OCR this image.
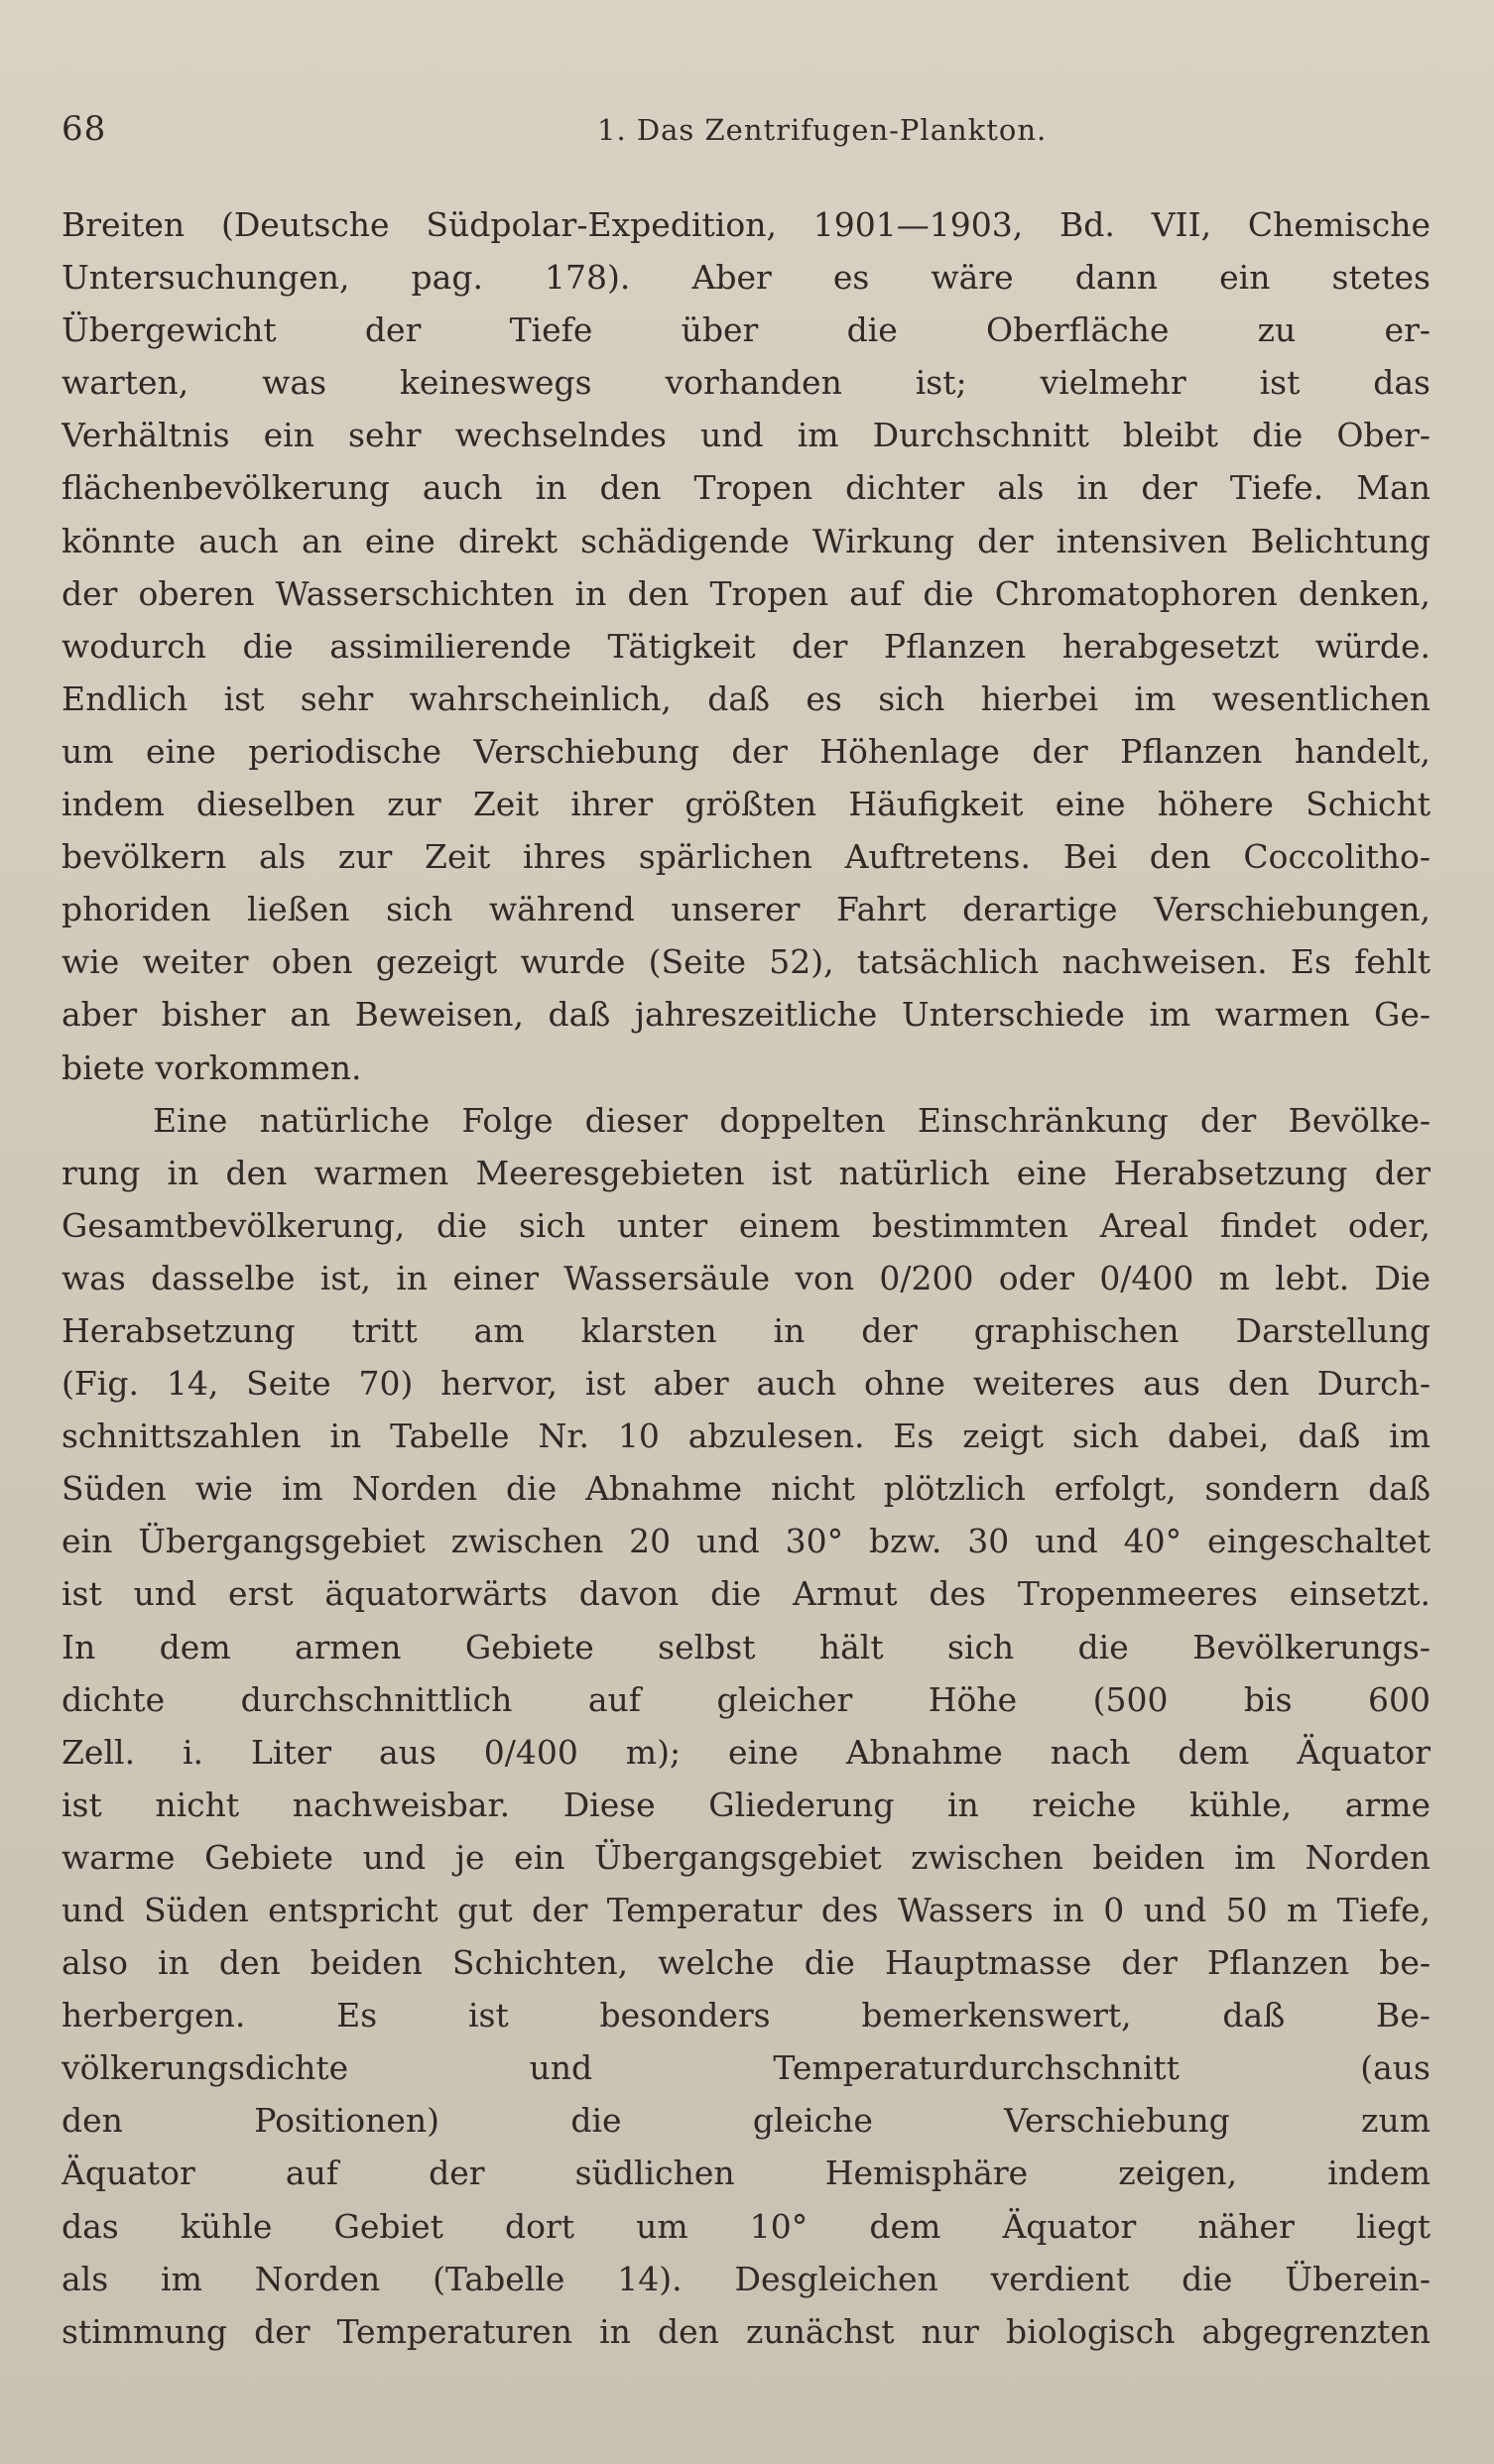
68	1. Das Zentrifugen-Plankton.
Breiten (Deutsche Südpolar-Expedition, 1901—1903, Bd. VII, Chemische
Untersuchungen, pag. 178). Aber es wäre dann ein stetes
Übergewicht der Tiefe über die Oberfläche zu er-
warten, was keineswegs vorhanden ist; vielmehr ist das
Verhältnis ein sehr wechselndes und im Durchschnitt bleibt die Ober-
flächenbevölkerung auch in den Tropen dichter als in der Tiefe. Man
könnte auch an eine direkt schädigende Wirkung der intensiven Belichtung
der oberen Wasserschichten in den Tropen auf die Chromatophoren denken,
wodurch die assimilierende Tätigkeit der Pflanzen herabgesetzt würde.
Endlich ist sehr wahrscheinlich, daß es sich hierbei im wesentlichen
um eine periodische Verschiebung der Höhenlage der Pflanzen handelt,
indem dieselben zur Zeit ihrer größten Häufigkeit eine höhere Schicht
bevölkern als zur Zeit ihres spärlichen Auftretens. Bei den Coccolitho-
phoriden ließen sich während unserer Fahrt derartige Verschiebungen,
wie weiter oben gezeigt wurde (Seite 52), tatsächlich nachweisen. Es fehlt
aber bisher an Beweisen, daß jahreszeitliche Unterschiede im warmen Ge-
biete vorkommen.
Eine natürliche Folge dieser doppelten Einschränkung der Bevölke-
rung in den warmen Meeresgebieten ist natürlich eine Herabsetzung der
Gesamtbevölkerung, die sich unter einem bestimmten Areal findet oder,
was dasselbe ist, in einer Wassersäule von 0/200 oder 0/400 m lebt. Die
Herabsetzung tritt am klarsten in der graphischen Darstellung
(Fig. 14, Seite 70) hervor, ist aber auch ohne weiteres aus den Durch-
schnittszahlen in Tabelle Nr. 10 abzulesen. Es zeigt sich dabei, daß im
Süden wie im Norden die Abnahme nicht plötzlich erfolgt, sondern daß
ein Übergangsgebiet zwischen 20 und 30° bzw. 30 und 40° eingeschaltet
ist und erst äquatorwärts davon die Armut des Tropenmeeres einsetzt.
In dem armen Gebiete selbst hält sich die Bevölkerungs-
dichte durchschnittlich auf gleicher Höhe (500 bis 600
Zell. i. Liter aus 0/400 m); eine Abnahme nach dem Äquator
ist nicht nachweisbar. Diese Gliederung in reiche kühle, arme
warme Gebiete und je ein Übergangsgebiet zwischen beiden im Norden
und Süden entspricht gut der Temperatur des Wassers in 0 und 50 m Tiefe,
also in den beiden Schichten, welche die Hauptmasse der Pflanzen be-
herbergen. Es ist besonders bemerkenswert, daß Be-
völkerungsdichte und Temperaturdurchschnitt (aus
den Positionen) die gleiche Verschiebung zum
Äquator auf der südlichen Hemisphäre zeigen, indem
das kühle Gebiet dort um 10° dem Äquator näher liegt
als im Norden (Tabelle 14). Desgleichen verdient die Überein-
stimmung der Temperaturen in den zunächst nur biologisch abgegrenzten
